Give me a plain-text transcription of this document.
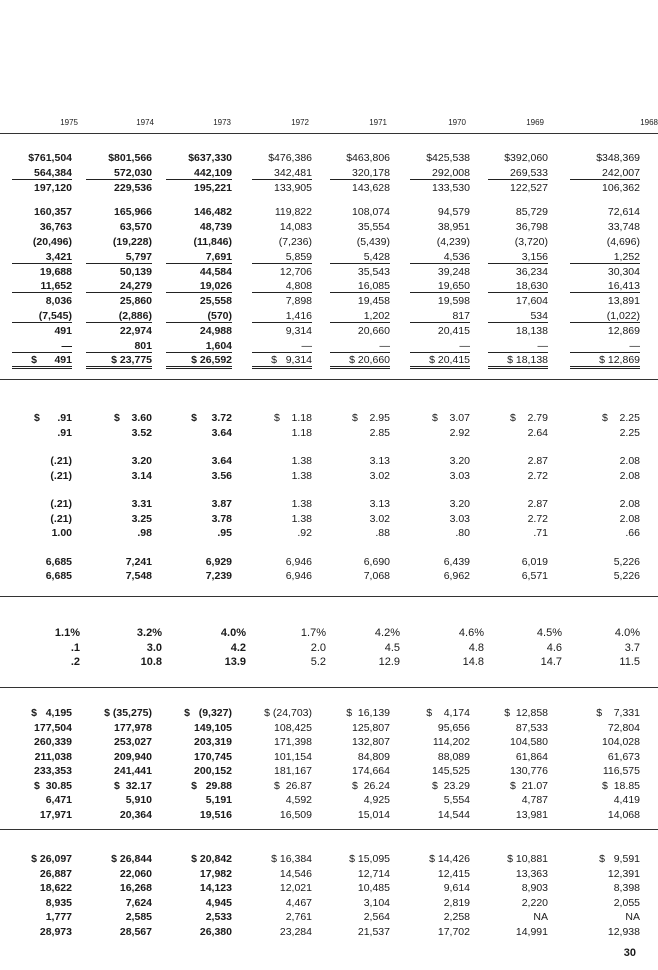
1975	1974	1973	1972	1971	1970	1969	1968
$761,504	$801,566	$637,330	$476,386	$463,806	$425,538	$392,060	$348,369
564,384	572,030	442,109	342,481	320,178	292,008	269,533	242,007
197,120	229,536	195,221	133,905	143,628	133,530	122,527	106,362
160,357	165,966	146,482	119,822	108,074	94,579	85,729	72,614
36,763	63,570	48,739	14,083	35,554	38,951	36,798	33,748
(20,496)	(19,228)	(11,846)	(7,236)	(5,439)	(4,239)	(3,720)	(4,696)
3,421	5,797	7,691	5,859	5,428	4,536	3,156	1,252
19,688	50,139	44,584	12,706	35,543	39,248	36,234	30,304
11,652	24,279	19,026	4,808	16,085	19,650	18,630	16,413
8,036	25,860	25,558	7,898	19,458	19,598	17,604	13,891
(7,545)	(2,886)	(570)	1,416	1,202	817	534	(1,022)
491	22,974	24,988	9,314	20,660	20,415	18,138	12,869
—	801	1,604	—	—	—	—	—
$      491	$ 23,775	$ 26,592	$   9,314	$ 20,660	$ 20,415	$ 18,138	$ 12,869
$      .91	$    3.60	$     3.72	$    1.18	$    2.95	$    3.07	$    2.79	$    2.25
.91	3.52	3.64	1.18	2.85	2.92	2.64	2.25
(.21)	3.20	3.64	1.38	3.13	3.20	2.87	2.08
(.21)	3.14	3.56	1.38	3.02	3.03	2.72	2.08
(.21)	3.31	3.87	1.38	3.13	3.20	2.87	2.08
(.21)	3.25	3.78	1.38	3.02	3.03	2.72	2.08
1.00	.98	.95	.92	.88	.80	.71	.66
6,685	7,241	6,929	6,946	6,690	6,439	6,019	5,226
6,685	7,548	7,239	6,946	7,068	6,962	6,571	5,226
1.1%	3.2%	4.0%	1.7%	4.2%	4.6%	4.5%	4.0%
.1	3.0	4.2	2.0	4.5	4.8	4.6	3.7
.2	10.8	13.9	5.2	12.9	14.8	14.7	11.5
$   4,195	$ (35,275)	$   (9,327)	$ (24,703)	$  16,139	$    4,174	$  12,858	$    7,331
177,504	177,978	149,105	108,425	125,807	95,656	87,533	72,804
260,339	253,027	203,319	171,398	132,807	114,202	104,580	104,028
211,038	209,940	170,745	101,154	84,809	88,089	61,864	61,673
233,353	241,441	200,152	181,167	174,664	145,525	130,776	116,575
$  30.85	$  32.17	$   29.88	$  26.87	$  26.24	$  23.29	$  21.07	$  18.85
6,471	5,910	5,191	4,592	4,925	5,554	4,787	4,419
17,971	20,364	19,516	16,509	15,014	14,544	13,981	14,068
$ 26,097	$ 26,844	$ 20,842	$ 16,384	$ 15,095	$ 14,426	$ 10,881	$   9,591
26,887	22,060	17,982	14,546	12,714	12,415	13,363	12,391
18,622	16,268	14,123	12,021	10,485	9,614	8,903	8,398
8,935	7,624	4,945	4,467	3,104	2,819	2,220	2,055
1,777	2,585	2,533	2,761	2,564	2,258	NA	NA
28,973	28,567	26,380	23,284	21,537	17,702	14,991	12,938
30
